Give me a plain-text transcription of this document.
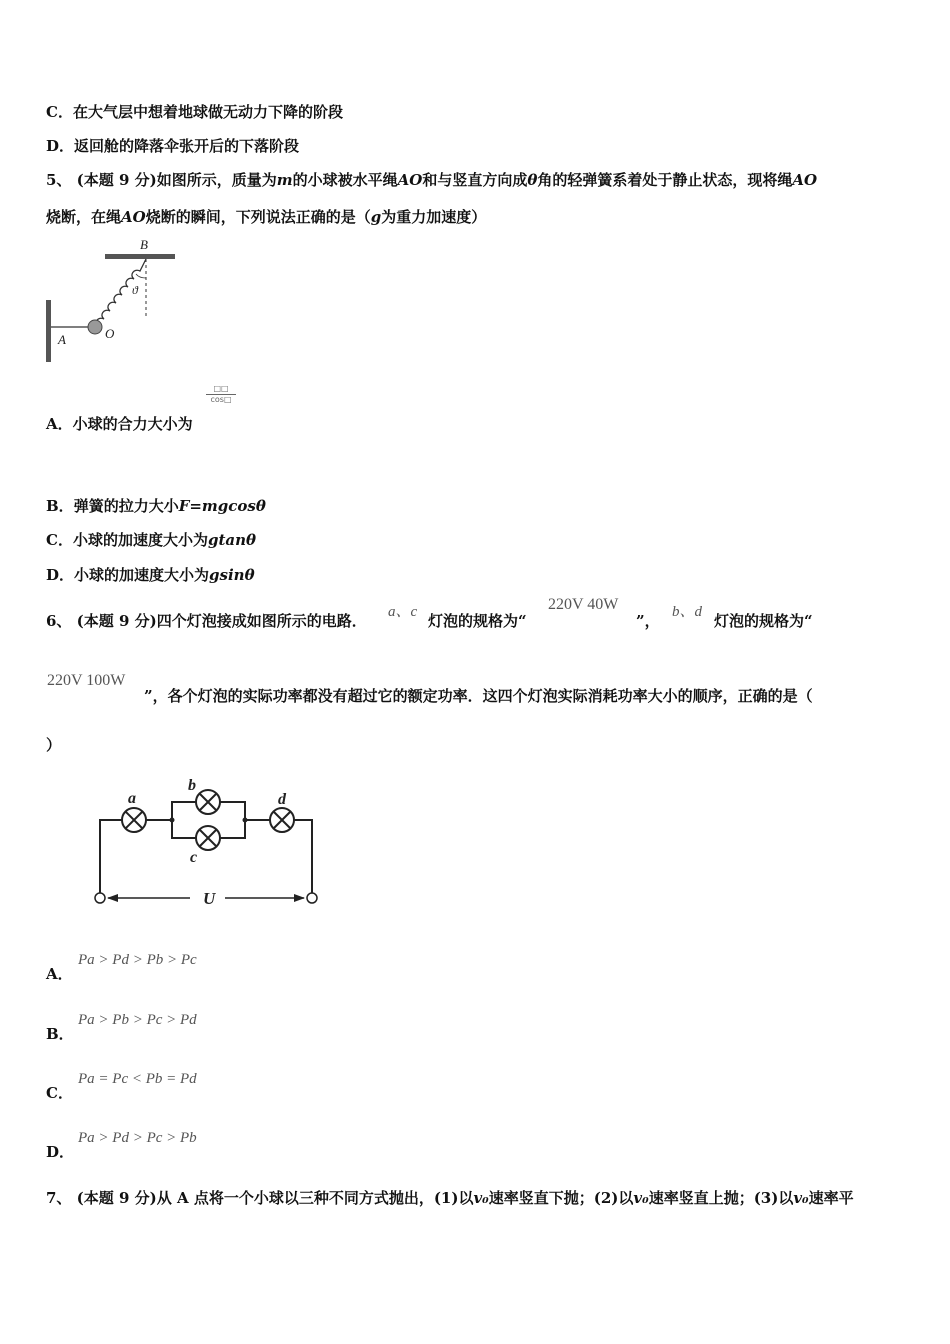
C．在大气层中想着地球做无动力下降的阶段
D．返回舱的降落伞张开后的下落阶段
5、 (本题 9 分)如图所示，质量为m的小球被水平绳AO和与竖直方向成θ角的轻弹簧系着处于静止状态，现将绳AO
烧断，在绳AO烧断的瞬间，下列说法正确的是（g为重力加速度）
B
ϑ
A	O
□□
cos□
A．小球的合力大小为
B．弹簧的拉力大小F=mgcosθ
C．小球的加速度大小为gtanθ
D．小球的加速度大小为gsinθ
6、 (本题 9 分)四个灯泡接成如图所示的电路． a、c 灯泡的规格为“
220V 40W
”， b、d 灯泡的规格为“
220V 100W
”，各个灯泡的实际功率都没有超过它的额定功率．这四个灯泡实际消耗功率大小的顺序，正确的是（
）
a
b
c
d
U
A．
Pa > Pd > Pb > Pc
B．
Pa > Pb > Pc > Pd
C．
Pa = Pc < Pb = Pd
D．
Pa > Pd > Pc > Pb
7、 (本题 9 分)从 A 点将一个小球以三种不同方式抛出，(1)以v₀速率竖直下抛；(2)以v₀速率竖直上抛；(3)以v₀速率平
